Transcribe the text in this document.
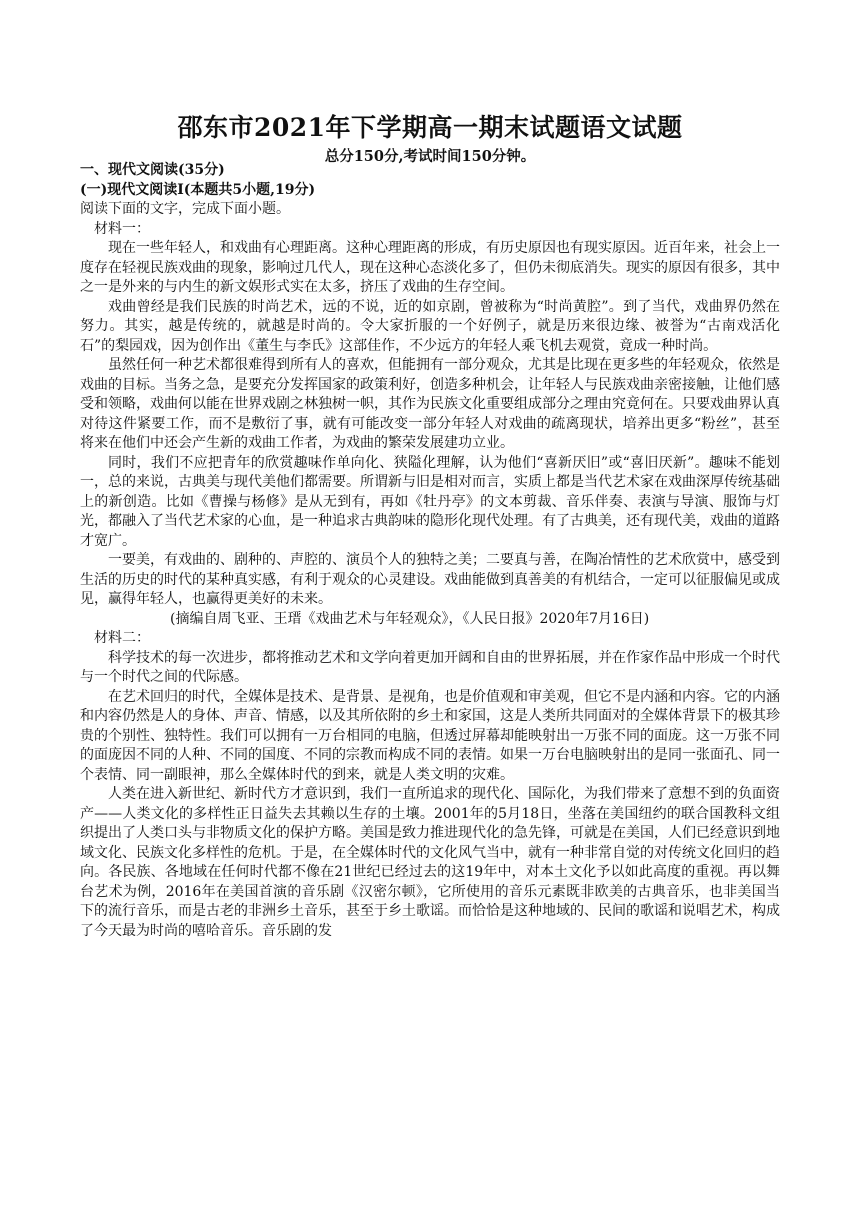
邵东市2021年下学期高一期末试题语文试题
总分150分,考试时间150分钟。
一、现代文阅读(35分)
(一)现代文阅读Ⅰ(本题共5小题,19分)
阅读下面的文字，完成下面小题。
材料一：

现在一些年轻人，和戏曲有心理距离。这种心理距离的形成，有历史原因也有现实原因。近百年来，社会上一度存在轻视民族戏曲的现象，影响过几代人，现在这种心态淡化多了，但仍未彻底消失。现实的原因有很多，其中之一是外来的与内生的新文娱形式实在太多，挤压了戏曲的生存空间。

戏曲曾经是我们民族的时尚艺术，远的不说，近的如京剧，曾被称为“时尚黄腔”。到了当代，戏曲界仍然在努力。其实，越是传统的，就越是时尚的。令大家折服的一个好例子，就是历来很边缘、被誉为“古南戏活化石”的梨园戏，因为创作出《董生与李氏》这部佳作，不少远方的年轻人乘飞机去观赏，竟成一种时尚。

虽然任何一种艺术都很难得到所有人的喜欢，但能拥有一部分观众，尤其是比现在更多些的年轻观众，依然是戏曲的目标。当务之急，是要充分发挥国家的政策利好，创造多种机会，让年轻人与民族戏曲亲密接触，让他们感受和领略，戏曲何以能在世界戏剧之林独树一帜，其作为民族文化重要组成部分之理由究竟何在。只要戏曲界认真对待这件紧要工作，而不是敷衍了事，就有可能改变一部分年轻人对戏曲的疏离现状，培养出更多“粉丝”，甚至将来在他们中还会产生新的戏曲工作者，为戏曲的繁荣发展建功立业。

同时，我们不应把青年的欣赏趣味作单向化、狭隘化理解，认为他们“喜新厌旧”或“喜旧厌新”。趣味不能划一，总的来说，古典美与现代美他们都需要。所谓新与旧是相对而言，实质上都是当代艺术家在戏曲深厚传统基础上的新创造。比如《曹操与杨修》是从无到有，再如《牡丹亭》的文本剪裁、音乐伴奏、表演与导演、服饰与灯光，都融入了当代艺术家的心血，是一种追求古典韵味的隐形化现代处理。有了古典美，还有现代美，戏曲的道路才宽广。

一要美，有戏曲的、剧种的、声腔的、演员个人的独特之美；二要真与善，在陶冶情性的艺术欣赏中，感受到生活的历史的时代的某种真实感，有利于观众的心灵建设。戏曲能做到真善美的有机结合，一定可以征服偏见或成见，赢得年轻人，也赢得更美好的未来。

(摘编自周飞亚、王瑨《戏曲艺术与年轻观众》，《人民日报》2020年7月16日)
材料二：

科学技术的每一次进步，都将推动艺术和文学向着更加开阔和自由的世界拓展，并在作家作品中形成一个时代与一个时代之间的代际感。

在艺术回归的时代，全媒体是技术、是背景、是视角，也是价值观和审美观，但它不是内涵和内容。它的内涵和内容仍然是人的身体、声音、情感，以及其所依附的乡土和家国，这是人类所共同面对的全媒体背景下的极其珍贵的个别性、独特性。我们可以拥有一万台相同的电脑，但透过屏幕却能映射出一万张不同的面庞。这一万张不同的面庞因不同的人种、不同的国度、不同的宗教而构成不同的表情。如果一万台电脑映射出的是同一张面孔、同一个表情、同一副眼神，那么全媒体时代的到来，就是人类文明的灾难。

人类在进入新世纪、新时代方才意识到，我们一直所追求的现代化、国际化，为我们带来了意想不到的负面资产——人类文化的多样性正日益失去其赖以生存的土壤。2001年的5月18日，坐落在美国纽约的联合国教科文组织提出了人类口头与非物质文化的保护方略。美国是致力推进现代化的急先锋，可就是在美国，人们已经意识到地域文化、民族文化多样性的危机。于是，在全媒体时代的文化风气当中，就有一种非常自觉的对传统文化回归的趋向。各民族、各地域在任何时代都不像在21世纪已经过去的这19年中，对本土文化予以如此高度的重视。再以舞台艺术为例，2016年在美国首演的音乐剧《汉密尔顿》，它所使用的音乐元素既非欧美的古典音乐，也非美国当下的流行音乐，而是古老的非洲乡土音乐，甚至于乡土歌谣。而恰恰是这种地域的、民间的歌谣和说唱艺术，构成了今天最为时尚的嘻哈音乐。音乐剧的发
